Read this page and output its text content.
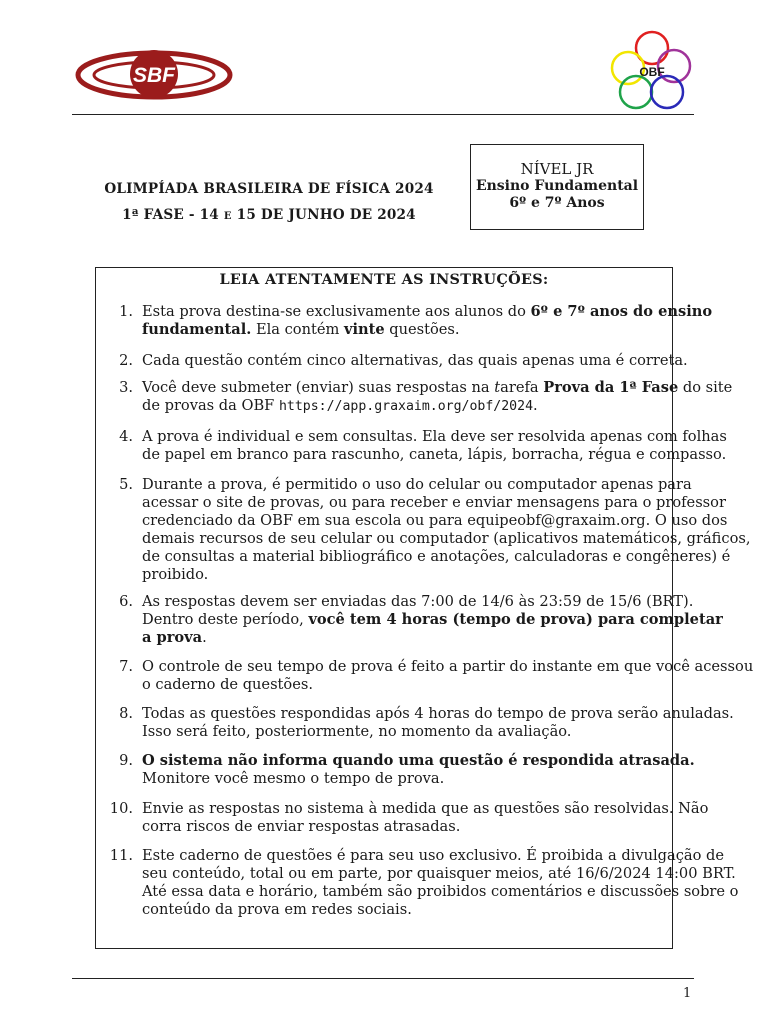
SBF	OBF
OLIMPÍADA BRASILEIRA DE FÍSICA 2024
1ª FASE - 14 e 15 DE JUNHO DE 2024
NÍVEL JR
Ensino Fundamental
6º e 7º Anos
LEIA ATENTAMENTE AS INSTRUÇÕES:
1. Esta prova destina-se exclusivamente aos alunos do 6º e 7º anos do ensino
fundamental. Ela contém vinte questões.
2. Cada questão contém cinco alternativas, das quais apenas uma é correta.
3. Você deve submeter (enviar) suas respostas na tarefa Prova da 1ª Fase do site
de provas da OBF https://app.graxaim.org/obf/2024.
4. A prova é individual e sem consultas. Ela deve ser resolvida apenas com folhas
de papel em branco para rascunho, caneta, lápis, borracha, régua e compasso.
5. Durante a prova, é permitido o uso do celular ou computador apenas para
acessar o site de provas, ou para receber e enviar mensagens para o professor
credenciado da OBF em sua escola ou para equipeobf@graxaim.org. O uso dos
demais recursos de seu celular ou computador (aplicativos matemáticos, gráficos,
de consultas a material bibliográfico e anotações, calculadoras e congêneres) é
proibido.
6. As respostas devem ser enviadas das 7:00 de 14/6 às 23:59 de 15/6 (BRT).
Dentro deste período, você tem 4 horas (tempo de prova) para completar
a prova.
7. O controle de seu tempo de prova é feito a partir do instante em que você acessou
o caderno de questões.
8. Todas as questões respondidas após 4 horas do tempo de prova serão anuladas.
Isso será feito, posteriormente, no momento da avaliação.
9. O sistema não informa quando uma questão é respondida atrasada.
Monitore você mesmo o tempo de prova.
10. Envie as respostas no sistema à medida que as questões são resolvidas. Não
corra riscos de enviar respostas atrasadas.
11. Este caderno de questões é para seu uso exclusivo. É proibida a divulgação de
seu conteúdo, total ou em parte, por quaisquer meios, até 16/6/2024 14:00 BRT.
Até essa data e horário, também são proibidos comentários e discussões sobre o
conteúdo da prova em redes sociais.
1
